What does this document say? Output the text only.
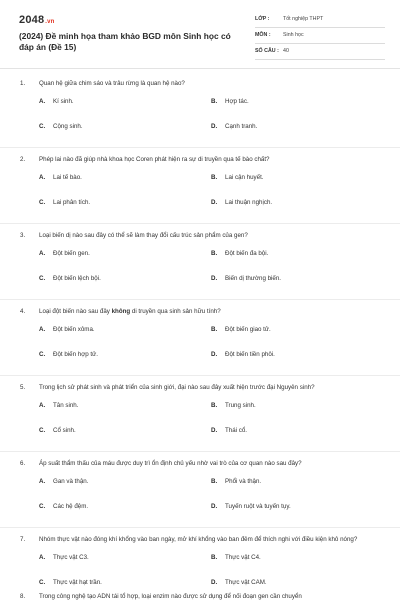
2048.vn
(2024) Đề minh họa tham khảo BGD môn Sinh học có đáp án (Đề 15)
LỚP :	Tốt nghiệp THPT
MÔN : Sinh học
SỐ CÂU : 40
1.	Quan hệ giữa chim sáo và trâu rừng là quan hệ nào?
A. Kí sinh.	B. Hợp tác.
C. Cộng sinh.	D. Cạnh tranh.
2.	Phép lai nào đã giúp nhà khoa học Coren phát hiện ra sự di truyền qua tế bào chất?
A. Lai tế bào.	B. Lai cận huyết.
C. Lai phân tích.	D. Lai thuận nghịch.
3.	Loại biến dị nào sau đây có thể sẽ làm thay đổi cấu trúc sản phẩm của gen?
A. Đột biến gen.	B. Đột biến đa bội.
C. Đột biến lệch bội.	D. Biến dị thường biến.
4.	Loại đột biến nào sau đây không di truyền qua sinh sản hữu tính?
A. Đột biến xôma.	B. Đột biến giao tử.
C. Đột biến hợp tử.	D. Đột biến tiền phôi.
5.	Trong lịch sử phát sinh và phát triển của sinh giới, đại nào sau đây xuất hiện trước đại Nguyên sinh?
A. Tân sinh.	B. Trung sinh.
C. Cổ sinh.	D. Thái cổ.
6.	Áp suất thẩm thấu của máu được duy trì ổn định chủ yếu nhờ vai trò của cơ quan nào sau đây?
A. Gan và thận.	B. Phổi và thận.
C. Các hệ đệm.	D. Tuyến ruột và tuyến tụy.
7.	Nhóm thực vật nào đóng khí khổng vào ban ngày, mở khí khổng vào ban đêm để thích nghi với điều kiện khô nóng?
A. Thực vật C3.	B. Thực vật C4.
C. Thực vật hạt trần.	D. Thực vật CAM.
8.	Trong công nghệ tạo ADN tái tổ hợp, loại enzim nào được sử dụng để nối đoạn gen cần chuyển
